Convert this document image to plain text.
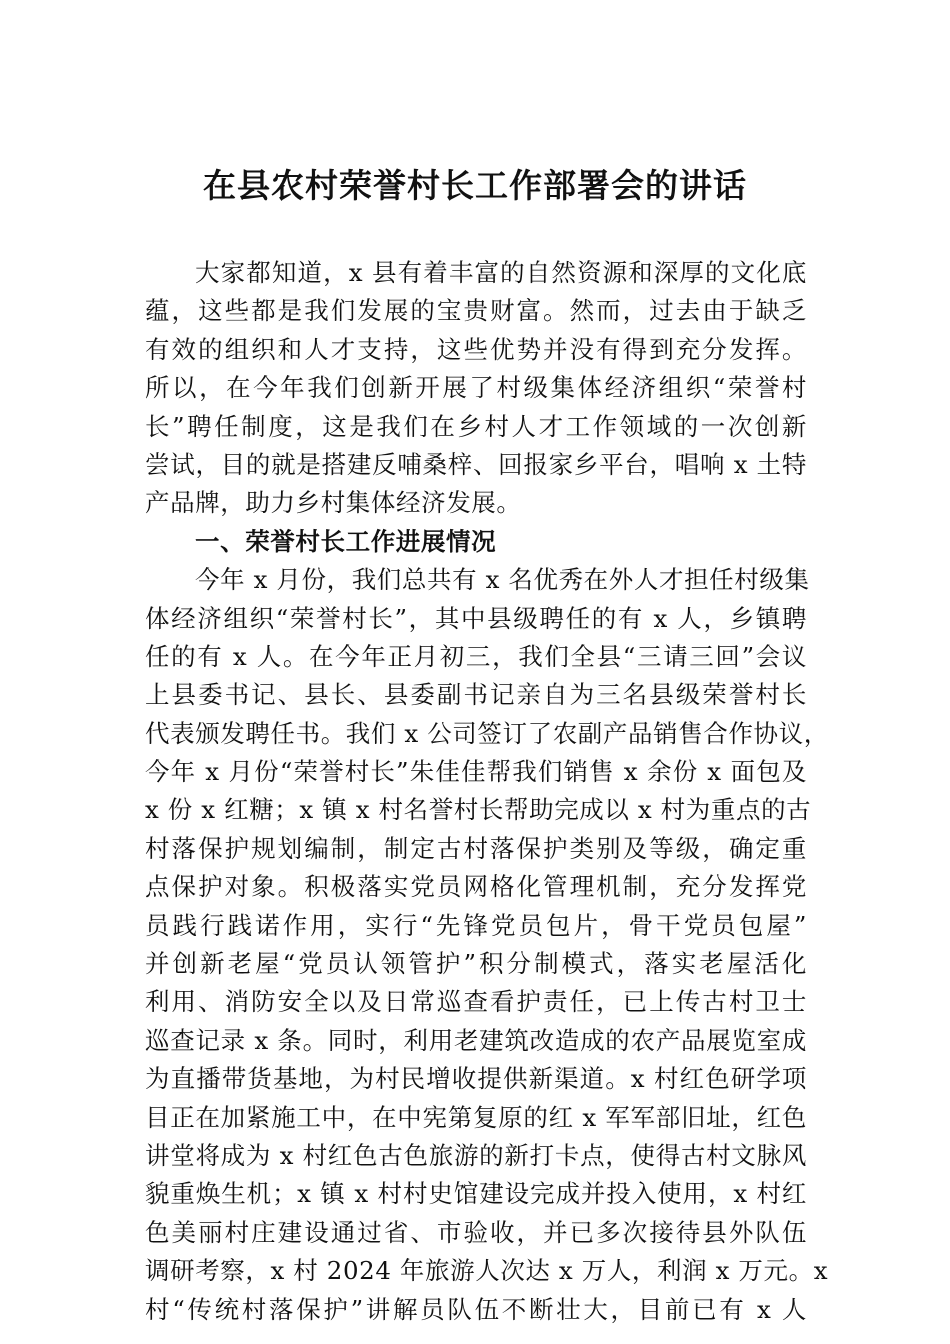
在县农村荣誉村长工作部署会的讲话
大家都知道，x 县有着丰富的自然资源和深厚的文化底
蕴，这些都是我们发展的宝贵财富。然而，过去由于缺乏
有效的组织和人才支持，这些优势并没有得到充分发挥。
所以，在今年我们创新开展了村级集体经济组织“荣誉村
长”聘任制度，这是我们在乡村人才工作领域的一次创新
尝试，目的就是搭建反哺桑梓、回报家乡平台，唱响 x 土特
产品牌，助力乡村集体经济发展。
一、荣誉村长工作进展情况
今年 x 月份，我们总共有 x 名优秀在外人才担任村级集
体经济组织“荣誉村长”，其中县级聘任的有 x 人，乡镇聘
任的有 x 人。在今年正月初三，我们全县“三请三回”会议
上县委书记、县长、县委副书记亲自为三名县级荣誉村长
代表颁发聘任书。我们 x 公司签订了农副产品销售合作协议，
今年 x 月份“荣誉村长”朱佳佳帮我们销售 x 余份 x 面包及
x 份 x 红糖；x 镇 x 村名誉村长帮助完成以 x 村为重点的古
村落保护规划编制，制定古村落保护类别及等级，确定重
点保护对象。积极落实党员网格化管理机制，充分发挥党
员践行践诺作用，实行“先锋党员包片，骨干党员包屋”
并创新老屋“党员认领管护”积分制模式，落实老屋活化
利用、消防安全以及日常巡查看护责任，已上传古村卫士
巡查记录 x 条。同时，利用老建筑改造成的农产品展览室成
为直播带货基地，为村民增收提供新渠道。x 村红色研学项
目正在加紧施工中，在中宪第复原的红 x 军军部旧址，红色
讲堂将成为 x 村红色古色旅游的新打卡点，使得古村文脉风
貌重焕生机；x 镇 x 村村史馆建设完成并投入使用，x 村红
色美丽村庄建设通过省、市验收，并已多次接待县外队伍
调研考察，x 村 2024 年旅游人次达 x 万人，利润 x 万元。x
村“传统村落保护”讲解员队伍不断壮大，目前已有 x 人
